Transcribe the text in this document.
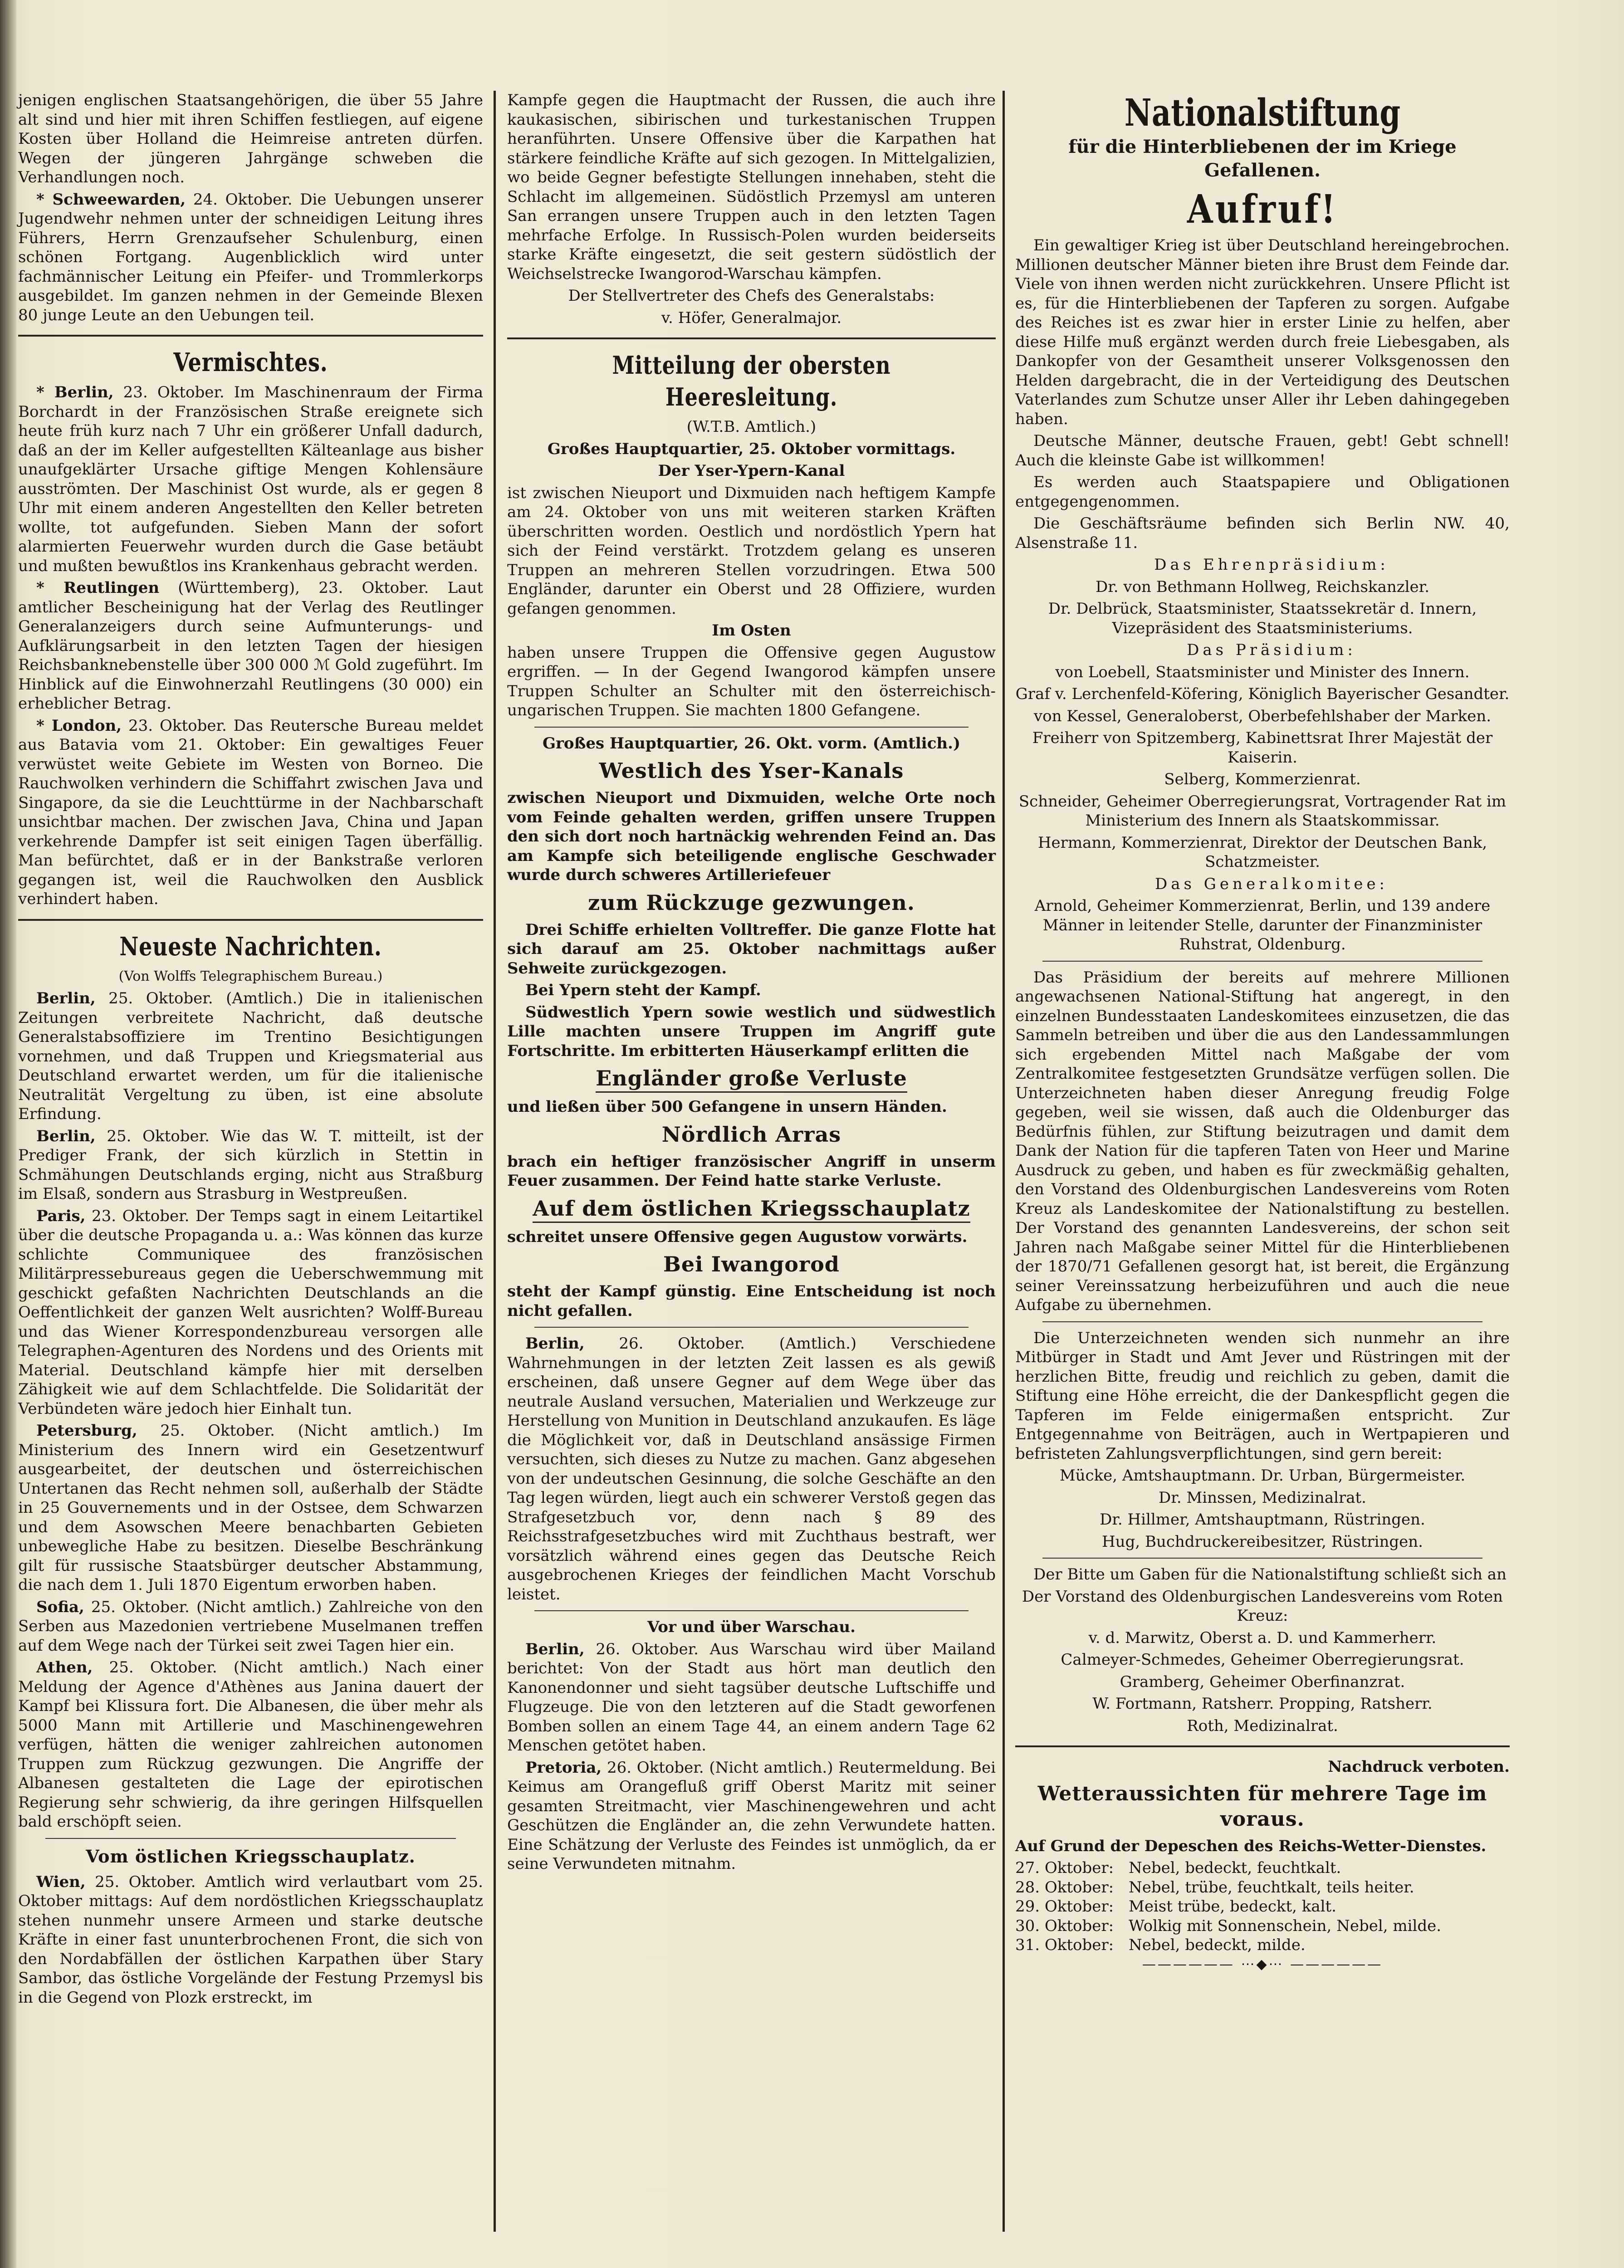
jenigen englischen Staatsangehörigen, die über 55 Jahre alt sind und hier mit ihren Schiffen festliegen, auf eigene Kosten über Holland die Heimreise antreten dürfen. Wegen der jüngeren Jahrgänge schweben die Verhandlungen noch.

* Schweewarden, 24. Oktober. Die Uebungen unserer Jugendwehr nehmen unter der schneidigen Leitung ihres Führers, Herrn Grenzaufseher Schulenburg, einen schönen Fortgang. Augenblicklich wird unter fachmännischer Leitung ein Pfeifer- und Trommlerkorps ausgebildet. Im ganzen nehmen in der Gemeinde Blexen 80 junge Leute an den Uebungen teil.

Vermischtes.

* Berlin, 23. Oktober. Im Maschinenraum der Firma Borchardt in der Französischen Straße ereignete sich heute früh kurz nach 7 Uhr ein größerer Unfall dadurch, daß an der im Keller aufgestellten Kälteanlage aus bisher unaufgeklärter Ursache giftige Mengen Kohlensäure ausströmten. Der Maschinist Ost wurde, als er gegen 8 Uhr mit einem anderen Angestellten den Keller betreten wollte, tot aufgefunden. Sieben Mann der sofort alarmierten Feuerwehr wurden durch die Gase betäubt und mußten bewußtlos ins Krankenhaus gebracht werden.

* Reutlingen (Württemberg), 23. Oktober. Laut amtlicher Bescheinigung hat der Verlag des Reutlinger Generalanzeigers durch seine Aufmunterungs- und Aufklärungsarbeit in den letzten Tagen der hiesigen Reichsbanknebenstelle über 300 000 ℳ Gold zugeführt. Im Hinblick auf die Einwohnerzahl Reutlingens (30 000) ein erheblicher Betrag.

* London, 23. Oktober. Das Reutersche Bureau meldet aus Batavia vom 21. Oktober: Ein gewaltiges Feuer verwüstet weite Gebiete im Westen von Borneo. Die Rauchwolken verhindern die Schiffahrt zwischen Java und Singapore, da sie die Leuchttürme in der Nachbarschaft unsichtbar machen. Der zwischen Java, China und Japan verkehrende Dampfer ist seit einigen Tagen überfällig. Man befürchtet, daß er in der Bankstraße verloren gegangen ist, weil die Rauchwolken den Ausblick verhindert haben.

Neueste Nachrichten.

(Von Wolffs Telegraphischem Bureau.)

Berlin, 25. Oktober. (Amtlich.) Die in italienischen Zeitungen verbreitete Nachricht, daß deutsche Generalstabsoffiziere im Trentino Besichtigungen vornehmen, und daß Truppen und Kriegsmaterial aus Deutschland erwartet werden, um für die italienische Neutralität Vergeltung zu üben, ist eine absolute Erfindung.

Berlin, 25. Oktober. Wie das W. T. mitteilt, ist der Prediger Frank, der sich kürzlich in Stettin in Schmähungen Deutschlands erging, nicht aus Straßburg im Elsaß, sondern aus Strasburg in Westpreußen.

Paris, 23. Oktober. Der Temps sagt in einem Leitartikel über die deutsche Propaganda u. a.: Was können das kurze schlichte Communiquee des französischen Militärpressebureaus gegen die Ueberschwemmung mit geschickt gefaßten Nachrichten Deutschlands an die Oeffentlichkeit der ganzen Welt ausrichten? Wolff-Bureau und das Wiener Korrespondenzbureau versorgen alle Telegraphen-Agenturen des Nordens und des Orients mit Material. Deutschland kämpfe hier mit derselben Zähigkeit wie auf dem Schlachtfelde. Die Solidarität der Verbündeten wäre jedoch hier Einhalt tun.

Petersburg, 25. Oktober. (Nicht amtlich.) Im Ministerium des Innern wird ein Gesetzentwurf ausgearbeitet, der deutschen und österreichischen Untertanen das Recht nehmen soll, außerhalb der Städte in 25 Gouvernements und in der Ostsee, dem Schwarzen und dem Asowschen Meere benachbarten Gebieten unbewegliche Habe zu besitzen. Dieselbe Beschränkung gilt für russische Staatsbürger deutscher Abstammung, die nach dem 1. Juli 1870 Eigentum erworben haben.

Sofia, 25. Oktober. (Nicht amtlich.) Zahlreiche von den Serben aus Mazedonien vertriebene Muselmanen treffen auf dem Wege nach der Türkei seit zwei Tagen hier ein.

Athen, 25. Oktober. (Nicht amtlich.) Nach einer Meldung der Agence d'Athènes aus Janina dauert der Kampf bei Klissura fort. Die Albanesen, die über mehr als 5000 Mann mit Artillerie und Maschinengewehren verfügen, hätten die weniger zahlreichen autonomen Truppen zum Rückzug gezwungen. Die Angriffe der Albanesen gestalteten die Lage der epirotischen Regierung sehr schwierig, da ihre geringen Hilfsquellen bald erschöpft seien.

Vom östlichen Kriegsschauplatz.

Wien, 25. Oktober. Amtlich wird verlautbart vom 25. Oktober mittags: Auf dem nordöstlichen Kriegsschauplatz stehen nunmehr unsere Armeen und starke deutsche Kräfte in einer fast ununterbrochenen Front, die sich von den Nordabfällen der östlichen Karpathen über Stary Sambor, das östliche Vorgelände der Festung Przemysl bis in die Gegend von Plozk erstreckt, im

Kampfe gegen die Hauptmacht der Russen, die auch ihre kaukasischen, sibirischen und turkestanischen Truppen heranführten. Unsere Offensive über die Karpathen hat stärkere feindliche Kräfte auf sich gezogen. In Mittelgalizien, wo beide Gegner befestigte Stellungen innehaben, steht die Schlacht im allgemeinen. Südöstlich Przemysl am unteren San errangen unsere Truppen auch in den letzten Tagen mehrfache Erfolge. In Russisch-Polen wurden beiderseits starke Kräfte eingesetzt, die seit gestern südöstlich der Weichselstrecke Iwangorod-Warschau kämpfen.

Der Stellvertreter des Chefs des Generalstabs:

v. Höfer, Generalmajor.

Mitteilung der obersten Heeresleitung.

(W.T.B. Amtlich.)

Großes Hauptquartier, 25. Oktober vormittags.

Der Yser-Ypern-Kanal

ist zwischen Nieuport und Dixmuiden nach heftigem Kampfe am 24. Oktober von uns mit weiteren starken Kräften überschritten worden. Oestlich und nordöstlich Ypern hat sich der Feind verstärkt. Trotzdem gelang es unseren Truppen an mehreren Stellen vorzudringen. Etwa 500 Engländer, darunter ein Oberst und 28 Offiziere, wurden gefangen genommen.

Im Osten

haben unsere Truppen die Offensive gegen Augustow ergriffen. — In der Gegend Iwangorod kämpfen unsere Truppen Schulter an Schulter mit den österreichisch-ungarischen Truppen. Sie machten 1800 Gefangene.

Großes Hauptquartier, 26. Okt. vorm. (Amtlich.)

Westlich des Yser-Kanals

zwischen Nieuport und Dixmuiden, welche Orte noch vom Feinde gehalten werden, griffen unsere Truppen den sich dort noch hartnäckig wehrenden Feind an. Das am Kampfe sich beteiligende englische Geschwader wurde durch schweres Artilleriefeuer

zum Rückzuge gezwungen.

Drei Schiffe erhielten Volltreffer. Die ganze Flotte hat sich darauf am 25. Oktober nachmittags außer Sehweite zurückgezogen.

Bei Ypern steht der Kampf.

Südwestlich Ypern sowie westlich und südwestlich Lille machten unsere Truppen im Angriff gute Fortschritte. Im erbitterten Häuserkampf erlitten die

Engländer große Verluste

und ließen über 500 Gefangene in unsern Händen.

Nördlich Arras

brach ein heftiger französischer Angriff in unserm Feuer zusammen. Der Feind hatte starke Verluste.

Auf dem östlichen Kriegsschauplatz

schreitet unsere Offensive gegen Augustow vorwärts.

Bei Iwangorod

steht der Kampf günstig. Eine Entscheidung ist noch nicht gefallen.

Berlin, 26. Oktober. (Amtlich.) Verschiedene Wahrnehmungen in der letzten Zeit lassen es als gewiß erscheinen, daß unsere Gegner auf dem Wege über das neutrale Ausland versuchen, Materialien und Werkzeuge zur Herstellung von Munition in Deutschland anzukaufen. Es läge die Möglichkeit vor, daß in Deutschland ansässige Firmen versuchten, sich dieses zu Nutze zu machen. Ganz abgesehen von der undeutschen Gesinnung, die solche Geschäfte an den Tag legen würden, liegt auch ein schwerer Verstoß gegen das Strafgesetzbuch vor, denn nach § 89 des Reichsstrafgesetzbuches wird mit Zuchthaus bestraft, wer vorsätzlich während eines gegen das Deutsche Reich ausgebrochenen Krieges der feindlichen Macht Vorschub leistet.

Vor und über Warschau.

Berlin, 26. Oktober. Aus Warschau wird über Mailand berichtet: Von der Stadt aus hört man deutlich den Kanonendonner und sieht tagsüber deutsche Luftschiffe und Flugzeuge. Die von den letzteren auf die Stadt geworfenen Bomben sollen an einem Tage 44, an einem andern Tage 62 Menschen getötet haben.

Pretoria, 26. Oktober. (Nicht amtlich.) Reutermeldung. Bei Keimus am Orangefluß griff Oberst Maritz mit seiner gesamten Streitmacht, vier Maschinengewehren und acht Geschützen die Engländer an, die zehn Verwundete hatten. Eine Schätzung der Verluste des Feindes ist unmöglich, da er seine Verwundeten mitnahm.

Nationalstiftung
für die Hinterbliebenen der im Kriege Gefallenen.
Aufruf!

Ein gewaltiger Krieg ist über Deutschland hereingebrochen. Millionen deutscher Männer bieten ihre Brust dem Feinde dar. Viele von ihnen werden nicht zurückkehren. Unsere Pflicht ist es, für die Hinterbliebenen der Tapferen zu sorgen. Aufgabe des Reiches ist es zwar hier in erster Linie zu helfen, aber diese Hilfe muß ergänzt werden durch freie Liebesgaben, als Dankopfer von der Gesamtheit unserer Volksgenossen den Helden dargebracht, die in der Verteidigung des Deutschen Vaterlandes zum Schutze unser Aller ihr Leben dahingegeben haben.

Deutsche Männer, deutsche Frauen, gebt! Gebt schnell! Auch die kleinste Gabe ist willkommen!

Es werden auch Staatspapiere und Obligationen entgegengenommen.

Die Geschäftsräume befinden sich Berlin NW. 40, Alsenstraße 11.

Das Ehrenpräsidium:

Dr. von Bethmann Hollweg, Reichskanzler.

Dr. Delbrück, Staatsminister, Staatssekretär d. Innern, Vizepräsident des Staatsministeriums.

Das Präsidium:

von Loebell, Staatsminister und Minister des Innern.

Graf v. Lerchenfeld-Köfering, Königlich Bayerischer Gesandter.

von Kessel, Generaloberst, Oberbefehlshaber der Marken.

Freiherr von Spitzemberg, Kabinettsrat Ihrer Majestät der Kaiserin.

Selberg, Kommerzienrat.

Schneider, Geheimer Oberregierungsrat, Vortragender Rat im Ministerium des Innern als Staatskommissar.

Hermann, Kommerzienrat, Direktor der Deutschen Bank, Schatzmeister.

Das Generalkomitee:

Arnold, Geheimer Kommerzienrat, Berlin, und 139 andere Männer in leitender Stelle, darunter der Finanzminister Ruhstrat, Oldenburg.

Das Präsidium der bereits auf mehrere Millionen angewachsenen National-Stiftung hat angeregt, in den einzelnen Bundesstaaten Landeskomitees einzusetzen, die das Sammeln betreiben und über die aus den Landessammlungen sich ergebenden Mittel nach Maßgabe der vom Zentralkomitee festgesetzten Grundsätze verfügen sollen. Die Unterzeichneten haben dieser Anregung freudig Folge gegeben, weil sie wissen, daß auch die Oldenburger das Bedürfnis fühlen, zur Stiftung beizutragen und damit dem Dank der Nation für die tapferen Taten von Heer und Marine Ausdruck zu geben, und haben es für zweckmäßig gehalten, den Vorstand des Oldenburgischen Landesvereins vom Roten Kreuz als Landeskomitee der Nationalstiftung zu bestellen. Der Vorstand des genannten Landesvereins, der schon seit Jahren nach Maßgabe seiner Mittel für die Hinterbliebenen der 1870/71 Gefallenen gesorgt hat, ist bereit, die Ergänzung seiner Vereinssatzung herbeizuführen und auch die neue Aufgabe zu übernehmen.

Die Unterzeichneten wenden sich nunmehr an ihre Mitbürger in Stadt und Amt Jever und Rüstringen mit der herzlichen Bitte, freudig und reichlich zu geben, damit die Stiftung eine Höhe erreicht, die der Dankespflicht gegen die Tapferen im Felde einigermaßen entspricht. Zur Entgegennahme von Beiträgen, auch in Wertpapieren und befristeten Zahlungsverpflichtungen, sind gern bereit:

Mücke, Amtshauptmann. Dr. Urban, Bürgermeister.

Dr. Minssen, Medizinalrat.

Dr. Hillmer, Amtshauptmann, Rüstringen.

Hug, Buchdruckereibesitzer, Rüstringen.

Der Bitte um Gaben für die Nationalstiftung schließt sich an

Der Vorstand des Oldenburgischen Landesvereins vom Roten Kreuz:

v. d. Marwitz, Oberst a. D. und Kammerherr.

Calmeyer-Schmedes, Geheimer Oberregierungsrat.

Gramberg, Geheimer Oberfinanzrat.

W. Fortmann, Ratsherr. Propping, Ratsherr.

Roth, Medizinalrat.

Nachdruck verboten.

Wetteraussichten für mehrere Tage im voraus.

Auf Grund der Depeschen des Reichs-Wetter-Dienstes.

27. Oktober: Nebel, bedeckt, feuchtkalt.
28. Oktober: Nebel, trübe, feuchtkalt, teils heiter.
29. Oktober: Meist trübe, bedeckt, kalt.
30. Oktober: Wolkig mit Sonnenschein, Nebel, milde.
31. Oktober: Nebel, bedeckt, milde.
—————— ⋯◆⋯ ——————
